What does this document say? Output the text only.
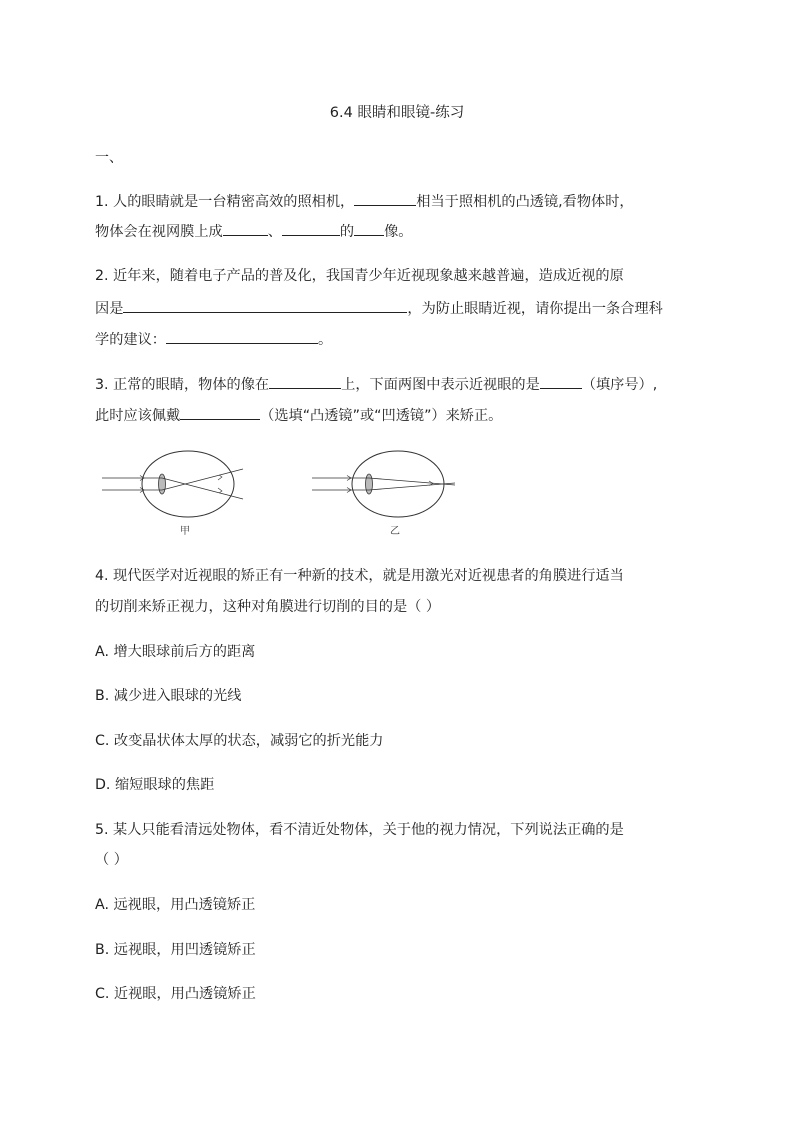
6.4 眼睛和眼镜-练习
一、
1. 人的眼睛就是一台精密高效的照相机，	相当于照相机的凸透镜,看物体时，
物体会在视网膜上成	、	的 像。
2. 近年来，随着电子产品的普及化，我国青少年近视现象越来越普遍，造成近视的原
因是	，为防止眼睛近视，请你提出一条合理科
学的建议：	。
3. 正常的眼睛，物体的像在	上，下面两图中表示近视眼的是	（填序号）,
此时应该佩戴	（选填“凸透镜”或“凹透镜”）来矫正。
甲	乙
4. 现代医学对近视眼的矫正有一种新的技术，就是用激光对近视患者的角膜进行适当
的切削来矫正视力，这种对角膜进行切削的目的是（ ）
A. 增大眼球前后方的距离
B. 减少进入眼球的光线
C. 改变晶状体太厚的状态，减弱它的折光能力
D. 缩短眼球的焦距
5. 某人只能看清远处物体，看不清近处物体，关于他的视力情况，下列说法正确的是
（ ）
A. 远视眼，用凸透镜矫正
B. 远视眼，用凹透镜矫正
C. 近视眼，用凸透镜矫正
